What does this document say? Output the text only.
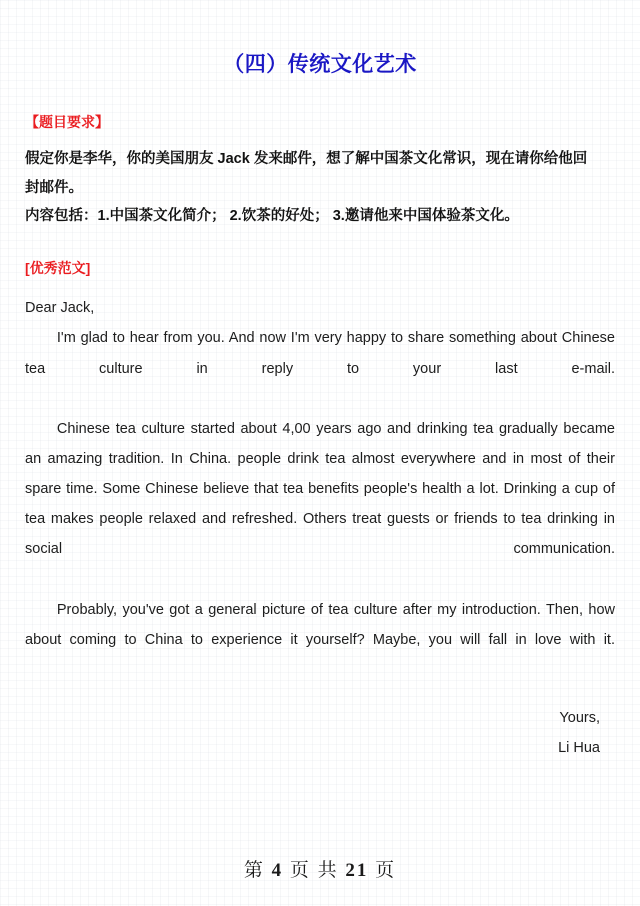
（四）传统文化艺术
【题目要求】
假定你是李华，你的美国朋友 Jack 发来邮件，想了解中国茶文化常识，现在请你给他回
封邮件。
内容包括：1.中国茶文化简介； 2.饮茶的好处； 3.邀请他来中国体验茶文化。
[优秀范文]

Dear Jack,

I'm glad to hear from you. And now I'm very happy to share something about Chinese tea culture in reply to your last e-mail.

Chinese tea culture started about 4,00 years ago and drinking tea gradually became an amazing tradition. In China. people drink tea almost everywhere and in most of their spare time. Some Chinese believe that tea benefits people's health a lot. Drinking a cup of tea makes people relaxed and refreshed. Others treat guests or friends to tea drinking in social communication.

Probably, you've got a general picture of tea culture after my introduction. Then, how about coming to China to experience it yourself? Maybe, you will fall in love with it.

Yours,
Li Hua
第 4 页 共 21 页
